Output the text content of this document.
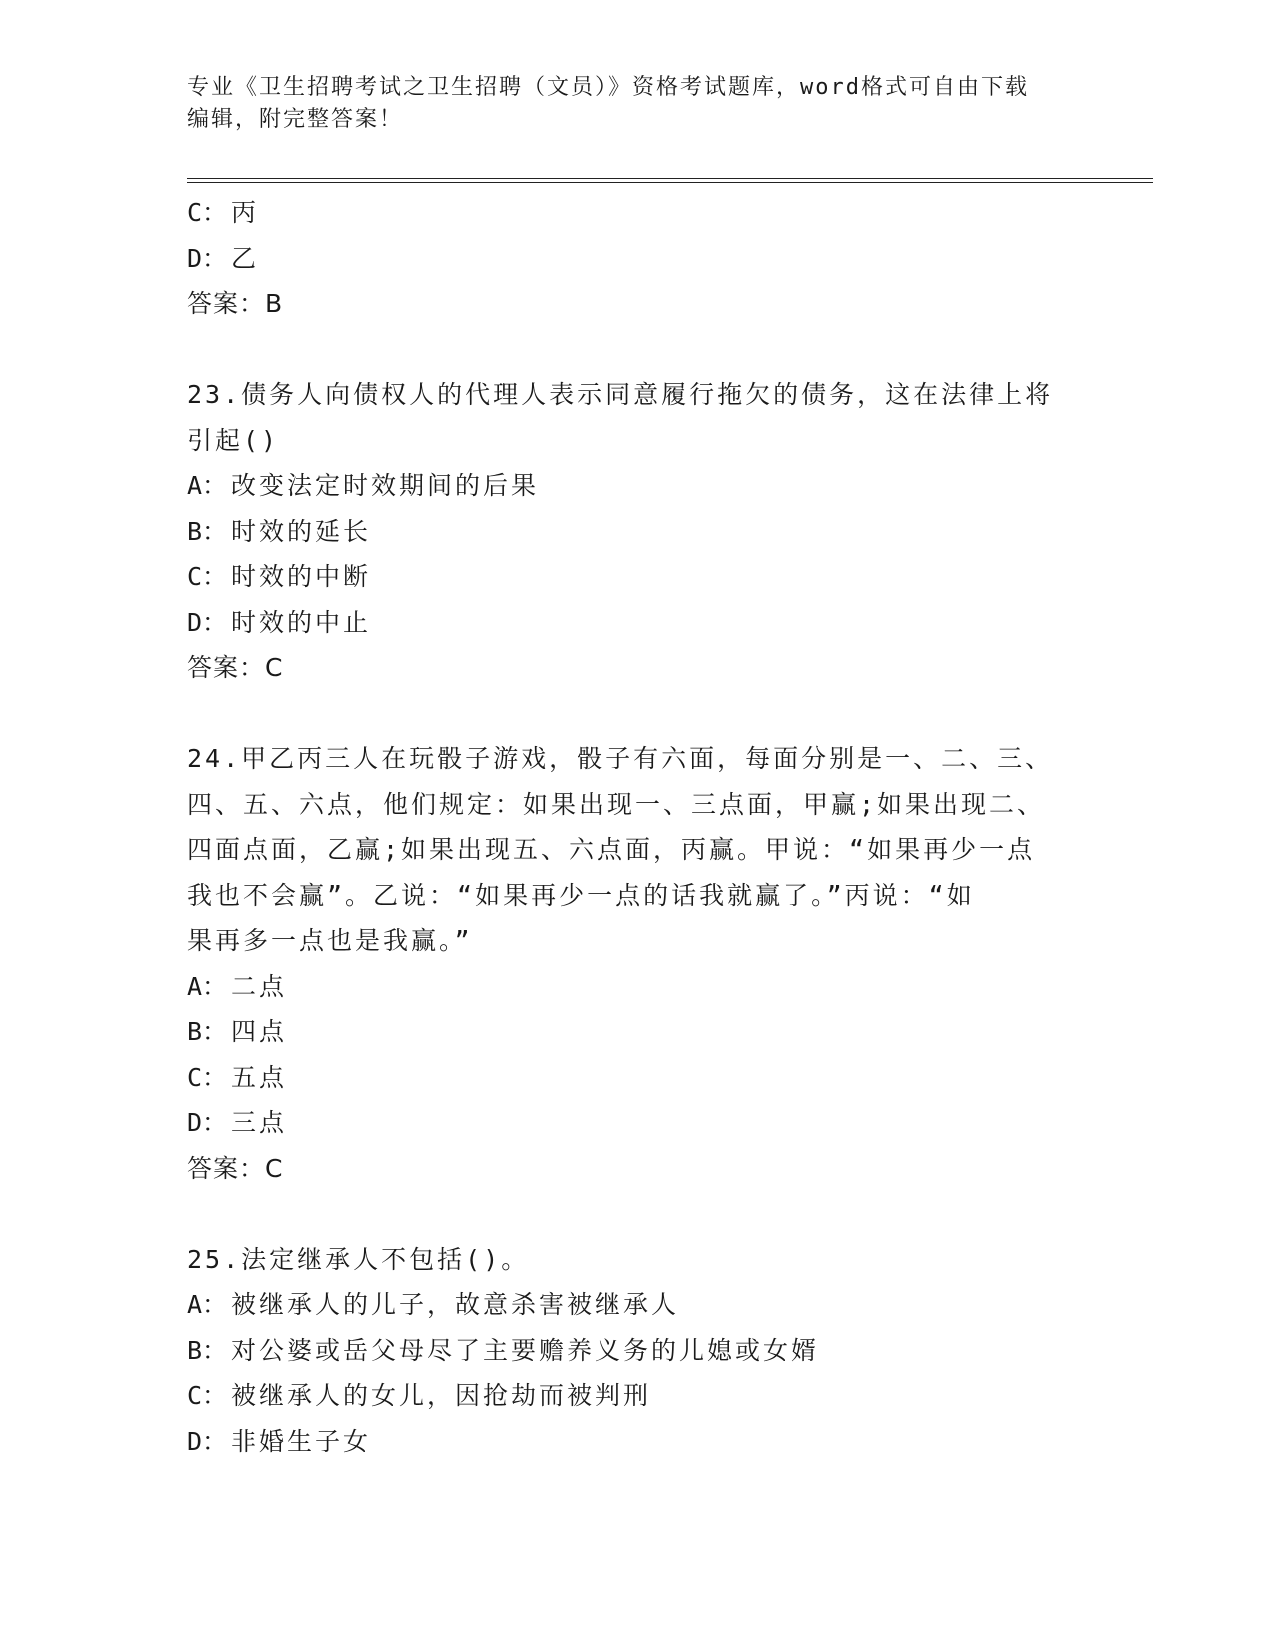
专业《卫生招聘考试之卫生招聘（文员）》资格考试题库，word格式可自由下载
编辑，附完整答案！
C： 丙
D： 乙
答案：B
23.债务人向债权人的代理人表示同意履行拖欠的债务，这在法律上将
引起()
A： 改变法定时效期间的后果
B： 时效的延长
C： 时效的中断
D： 时效的中止
答案：C
24.甲乙丙三人在玩骰子游戏，骰子有六面，每面分别是一、二、三、
四、五、六点，他们规定：如果出现一、三点面，甲赢;如果出现二、
四面点面，乙赢;如果出现五、六点面，丙赢。甲说：“如果再少一点
我也不会赢”。乙说：“如果再少一点的话我就赢了。”丙说：“如
果再多一点也是我赢。”
A： 二点
B： 四点
C： 五点
D： 三点
答案：C
25.法定继承人不包括()。
A： 被继承人的儿子，故意杀害被继承人
B： 对公婆或岳父母尽了主要赡养义务的儿媳或女婿
C： 被继承人的女儿，因抢劫而被判刑
D： 非婚生子女
